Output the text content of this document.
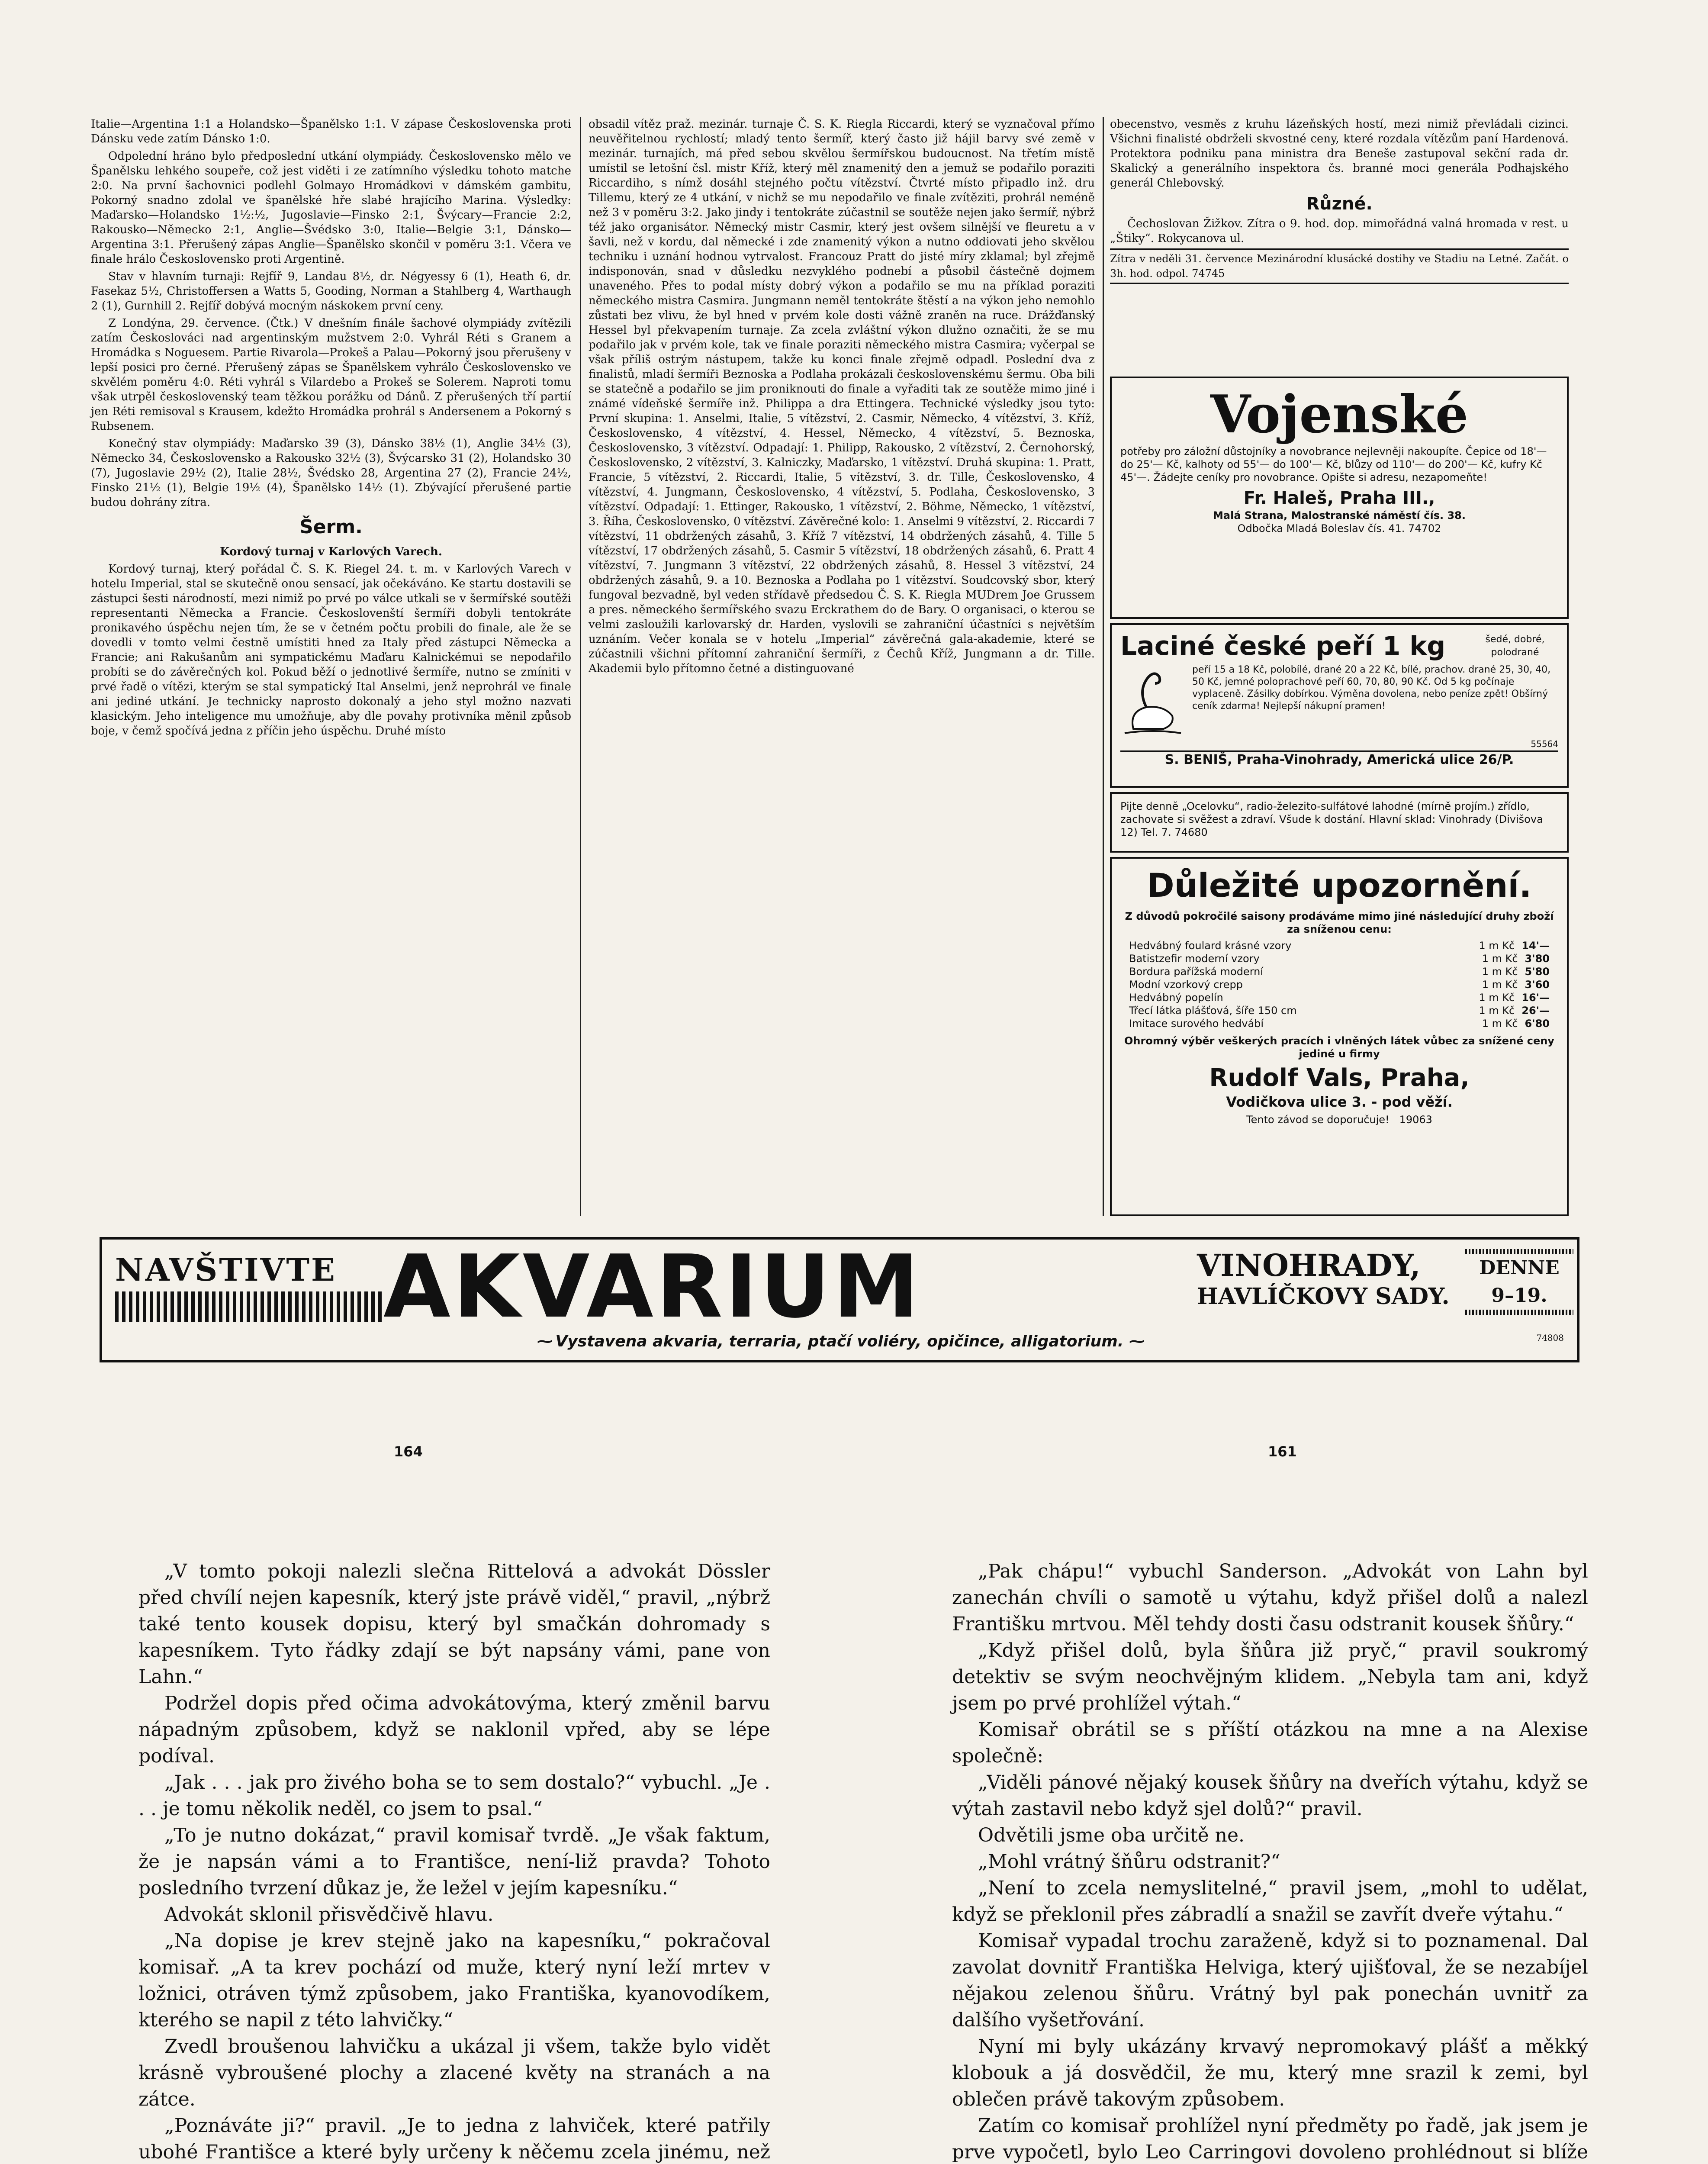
Italie—Argentina 1:1 a Holandsko—Španělsko 1:1. V zápase Československa proti Dánsku vede zatím Dánsko 1:0.

Odpolední hráno bylo předposlední utkání olympiády. Československo mělo ve Španělsku lehkého soupeře, což jest viděti i ze zatímního výsledku tohoto matche 2:0. Na první šachovnici podlehl Golmayo Hromádkovi v dámském gambitu, Pokorný snadno zdolal ve španělské hře slabé hrajícího Marina. Výsledky: Maďarsko—Holandsko 1½:½, Jugoslavie—Finsko 2:1, Švýcary—Francie 2:2, Rakousko—Německo 2:1, Anglie—Švédsko 3:0, Italie—Belgie 3:1, Dánsko—Argentina 3:1. Přerušený zápas Anglie—Španělsko skončil v poměru 3:1. Včera ve finale hrálo Československo proti Argentině.

Stav v hlavním turnaji: Rejfíř 9, Landau 8½, dr. Négyessy 6 (1), Heath 6, dr. Fasekaz 5½, Christoffersen a Watts 5, Gooding, Norman a Stahlberg 4, Warthaugh 2 (1), Gurnhill 2. Rejfíř dobývá mocným náskokem první ceny.

Z Londýna, 29. července. (Čtk.) V dnešním finále šachové olympiády zvítězili zatím Českoslováci nad argentinským mužstvem 2:0. Vyhrál Réti s Granem a Hromádka s Noguesem. Partie Rivarola—Prokeš a Palau—Pokorný jsou přerušeny v lepší posici pro černé. Přerušený zápas se Španělskem vyhrálo Československo ve skvělém poměru 4:0. Réti vyhrál s Vilardebo a Prokeš se Solerem. Naproti tomu však utrpěl československý team těžkou porážku od Dánů. Z přerušených tří partií jen Réti remisoval s Krausem, kdežto Hromádka prohrál s Andersenem a Pokorný s Rubsenem.

Konečný stav olympiády: Maďarsko 39 (3), Dánsko 38½ (1), Anglie 34½ (3), Německo 34, Československo a Rakousko 32½ (3), Švýcarsko 31 (2), Holandsko 30 (7), Jugoslavie 29½ (2), Italie 28½, Švédsko 28, Argentina 27 (2), Francie 24½, Finsko 21½ (1), Belgie 19½ (4), Španělsko 14½ (1). Zbývající přerušené partie budou dohrány zítra.

Šerm.
Kordový turnaj v Karlových Varech.

Kordový turnaj, který pořádal Č. S. K. Riegel 24. t. m. v Karlových Varech v hotelu Imperial, stal se skutečně onou sensací, jak očekáváno. Ke startu dostavili se zástupci šesti národností, mezi nimiž po prvé po válce utkali se v šermířské soutěži representanti Německa a Francie. Českoslovenští šermíři dobyli tentokráte pronikavého úspěchu nejen tím, že se v četném počtu probili do finale, ale že se dovedli v tomto velmi čestně umístiti hned za Italy před zástupci Německa a Francie; ani Rakušanům ani sympatickému Maďaru Kalnickémui se nepodařilo probíti se do závěrečných kol. Pokud běží o jednotlivé šermíře, nutno se zmíniti v prvé řadě o vítězi, kterým se stal sympatický Ital Anselmi, jenž neprohrál ve finale ani jediné utkání. Je technicky naprosto dokonalý a jeho styl možno nazvati klasickým. Jeho inteligence mu umožňuje, aby dle povahy protivníka měnil způsob boje, v čemž spočívá jedna z příčin jeho úspěchu. Druhé místo

obsadil vítěz praž. mezinár. turnaje Č. S. K. Riegla Riccardi, který se vyznačoval přímo neuvěřitelnou rychlostí; mladý tento šermíř, který často již hájil barvy své země v mezinár. turnajích, má před sebou skvělou šermířskou budoucnost. Na třetím místě umístil se letošní čsl. mistr Kříž, který měl znamenitý den a jemuž se podařilo poraziti Riccardiho, s nímž dosáhl stejného počtu vítězství. Čtvrté místo připadlo inž. dru Tillemu, který ze 4 utkání, v nichž se mu nepodařilo ve finale zvítěziti, prohrál neméně než 3 v poměru 3:2. Jako jindy i tentokráte zúčastnil se soutěže nejen jako šermíř, nýbrž též jako organisátor. Německý mistr Casmir, který jest ovšem silnější ve fleuretu a v šavli, než v kordu, dal německé i zde znamenitý výkon a nutno oddiovati jeho skvělou techniku i uznání hodnou vytrvalost. Francouz Pratt do jisté míry zklamal; byl zřejmě indisponován, snad v důsledku nezvyklého podnebí a působil částečně dojmem unaveného. Přes to podal místy dobrý výkon a podařilo se mu na příklad poraziti německého mistra Casmira. Jungmann neměl tentokráte štěstí a na výkon jeho nemohlo zůstati bez vlivu, že byl hned v prvém kole dosti vážně zraněn na ruce. Drážďanský Hessel byl překvapením turnaje. Za zcela zvláštní výkon dlužno označiti, že se mu podařilo jak v prvém kole, tak ve finale poraziti německého mistra Casmira; vyčerpal se však příliš ostrým nástupem, takže ku konci finale zřejmě odpadl. Poslední dva z finalistů, mladí šermíři Beznoska a Podlaha prokázali československému šermu. Oba bili se statečně a podařilo se jim proniknouti do finale a vyřaditi tak ze soutěže mimo jiné i známé vídeňské šermíře inž. Philippa a dra Ettingera. Technické výsledky jsou tyto: První skupina: 1. Anselmi, Italie, 5 vítězství, 2. Casmir, Německo, 4 vítězství, 3. Kříž, Československo, 4 vítězství, 4. Hessel, Německo, 4 vítězství, 5. Beznoska, Československo, 3 vítězství. Odpadají: 1. Philipp, Rakousko, 2 vítězství, 2. Černohorský, Československo, 2 vítězství, 3. Kalniczky, Maďarsko, 1 vítězství. Druhá skupina: 1. Pratt, Francie, 5 vítězství, 2. Riccardi, Italie, 5 vítězství, 3. dr. Tille, Československo, 4 vítězství, 4. Jungmann, Československo, 4 vítězství, 5. Podlaha, Československo, 3 vítězství. Odpadají: 1. Ettinger, Rakousko, 1 vítězství, 2. Böhme, Německo, 1 vítězství, 3. Říha, Československo, 0 vítězství. Závěrečné kolo: 1. Anselmi 9 vítězství, 2. Riccardi 7 vítězství, 11 obdržených zásahů, 3. Kříž 7 vítězství, 14 obdržených zásahů, 4. Tille 5 vítězství, 17 obdržených zásahů, 5. Casmir 5 vítězství, 18 obdržených zásahů, 6. Pratt 4 vítězství, 7. Jungmann 3 vítězství, 22 obdržených zásahů, 8. Hessel 3 vítězství, 24 obdržených zásahů, 9. a 10. Beznoska a Podlaha po 1 vítězství. Soudcovský sbor, který fungoval bezvadně, byl veden střídavě předsedou Č. S. K. Riegla MUDrem Joe Grussem a pres. německého šermířského svazu Erckrathem do de Bary. O organisaci, o kterou se velmi zasloužili karlovarský dr. Harden, vyslovili se zahraniční účastníci s největším uznáním. Večer konala se v hotelu „Imperial“ závěrečná gala-akademie, které se zúčastnili všichni přítomní zahraniční šermíři, z Čechů Kříž, Jungmann a dr. Tille. Akademii bylo přítomno četné a distinguované

obecenstvo, vesměs z kruhu lázeňských hostí, mezi nimiž převládali cizinci. Všichni finalisté obdrželi skvostné ceny, které rozdala vítězům paní Hardenová. Protektora podniku pana ministra dra Beneše zastupoval sekční rada dr. Skalický a generálního inspektora čs. branné moci generála Podhajského generál Chlebovský.

Různé.

Čechoslovan Žižkov. Zítra o 9. hod. dop. mimořádná valná hromada v rest. u „Štiky“. Rokycanova ul.

Zítra v neděli 31. července Mezinárodní klusácké dostihy ve Stadiu na Letné. Začát. o 3h. hod. odpol. 74745

Vojenské
potřeby pro záložní důstojníky a novobrance nejlevněji nakoupíte. Čepice od 18'— do 25'— Kč, kalhoty od 55'— do 100'— Kč, blůzy od 110'— do 200'— Kč, kufry Kč 45'—. Žádejte ceníky pro novobrance. Opište si adresu, nezapomeňte!
Fr. Haleš, Praha III.,
Malá Strana, Malostranské náměstí čís. 38.
Odbočka Mladá Boleslav čís. 41. 74702
Laciné české peří 1 kg	šedé, dobré, polodrané
peří 15 a 18 Kč, polobílé, drané 20 a 22 Kč, bílé, prachov. drané 25, 30, 40, 50 Kč, jemné poloprachové peří 60, 70, 80, 90 Kč. Od 5 kg počínaje vyplaceně. Zásilky dobírkou. Výměna dovolena, nebo peníze zpět! Obšírný ceník zdarma! Nejlepší nákupní pramen!
55564
S. BENIŠ, Praha-Vinohrady, Americká ulice 26/P.
Pijte denně „Ocelovku“, radio-železito-sulfátové lahodné (mírně projím.) zřídlo, zachovate si svěžest a zdraví. Všude k dostání. Hlavní sklad: Vinohrady (Divišova 12) Tel. 7. 74680
Důležité upozornění.
Z důvodů pokročilé saisony prodáváme mimo jiné následující druhy zboží za sníženou cenu:
Hedvábný foulard krásné vzory	1 m Kč 14'—
Batistzefir moderní vzory	1 m Kč 3'80
Bordura pařížská moderní	1 m Kč 5'80
Modní vzorkový crepp	1 m Kč 3'60
Hedvábný popelín	1 m Kč 16'—
Třecí látka plášťová, šíře 150 cm	1 m Kč 26'—
Imitace surového hedvábí	1 m Kč 6'80
Ohromný výběr veškerých pracích i vlněných látek vůbec za snížené ceny jediné u firmy
Rudolf Vals, Praha,
Vodičkova ulice 3. - pod věží.
Tento závod se doporučuje! 19063
NAVŠTIVTE AKVARIUM	VINOHRADY,
HAVLÍČKOVY SADY.
DENNE 9–19.
⁓ Vystavena akvaria, terraria, ptačí voliéry, opičince, alligatorium. ⁓	74808
164	161

„V tomto pokoji nalezli slečna Rittelová a advokát Dössler před chvílí nejen kapesník, který jste právě viděl,“ pravil, „nýbrž také tento kousek dopisu, který byl smačkán dohromady s kapesníkem. Tyto řádky zdají se být napsány vámi, pane von Lahn.“

Podržel dopis před očima advokátovýma, který změnil barvu nápadným způsobem, když se naklonil vpřed, aby se lépe podíval.

„Jak . . . jak pro živého boha se to sem dostalo?“ vybuchl. „Je . . . je tomu několik neděl, co jsem to psal.“

„To je nutno dokázat,“ pravil komisař tvrdě. „Je však faktum, že je napsán vámi a to Františce, není-liž pravda? Tohoto posledního tvrzení důkaz je, že ležel v jejím kapesníku.“

Advokát sklonil přisvědčivě hlavu.

„Na dopise je krev stejně jako na kapesníku,“ pokračoval komisař. „A ta krev pochází od muže, který nyní leží mrtev v ložnici, otráven týmž způsobem, jako Františka, kyanovodíkem, kterého se napil z této lahvičky.“

Zvedl broušenou lahvičku a ukázal ji všem, takže bylo vidět krásně vybroušené plochy a zlacené květy na stranách a na zátce.

„Poznáváte ji?“ pravil. „Je to jedna z lahviček, které patřily ubohé Františce a které byly určeny k něčemu zcela jinému, než

„Pak chápu!“ vybuchl Sanderson. „Advokát von Lahn byl zanechán chvíli o samotě u výtahu, když přišel dolů a nalezl Františku mrtvou. Měl tehdy dosti času odstranit kousek šňůry.“

„Když přišel dolů, byla šňůra již pryč,“ pravil soukromý detektiv se svým neochvějným klidem. „Nebyla tam ani, když jsem po prvé prohlížel výtah.“

Komisař obrátil se s příští otázkou na mne a na Alexise společně:

„Viděli pánové nějaký kousek šňůry na dveřích výtahu, když se výtah zastavil nebo když sjel dolů?“ pravil.

Odvětili jsme oba určitě ne.

„Mohl vrátný šňůru odstranit?“

„Není to zcela nemyslitelné,“ pravil jsem, „mohl to udělat, když se překlonil přes zábradlí a snažil se zavřít dveře výtahu.“

Komisař vypadal trochu zaraženě, když si to poznamenal. Dal zavolat dovnitř Františka Helviga, který ujišťoval, že se nezabíjel nějakou zelenou šňůru. Vrátný byl pak ponechán uvnitř za dalšího vyšetřování.

Nyní mi byly ukázány krvavý nepromokavý plášť a měkký klobouk a já dosvědčil, že mu, který mne srazil k zemi, byl oblečen právě takovým způsobem.

Zatím co komisař prohlížel nyní předměty po řadě, jak jsem je prve vypočetl, bylo Leo Carringovi dovoleno prohlédnout si blíže
